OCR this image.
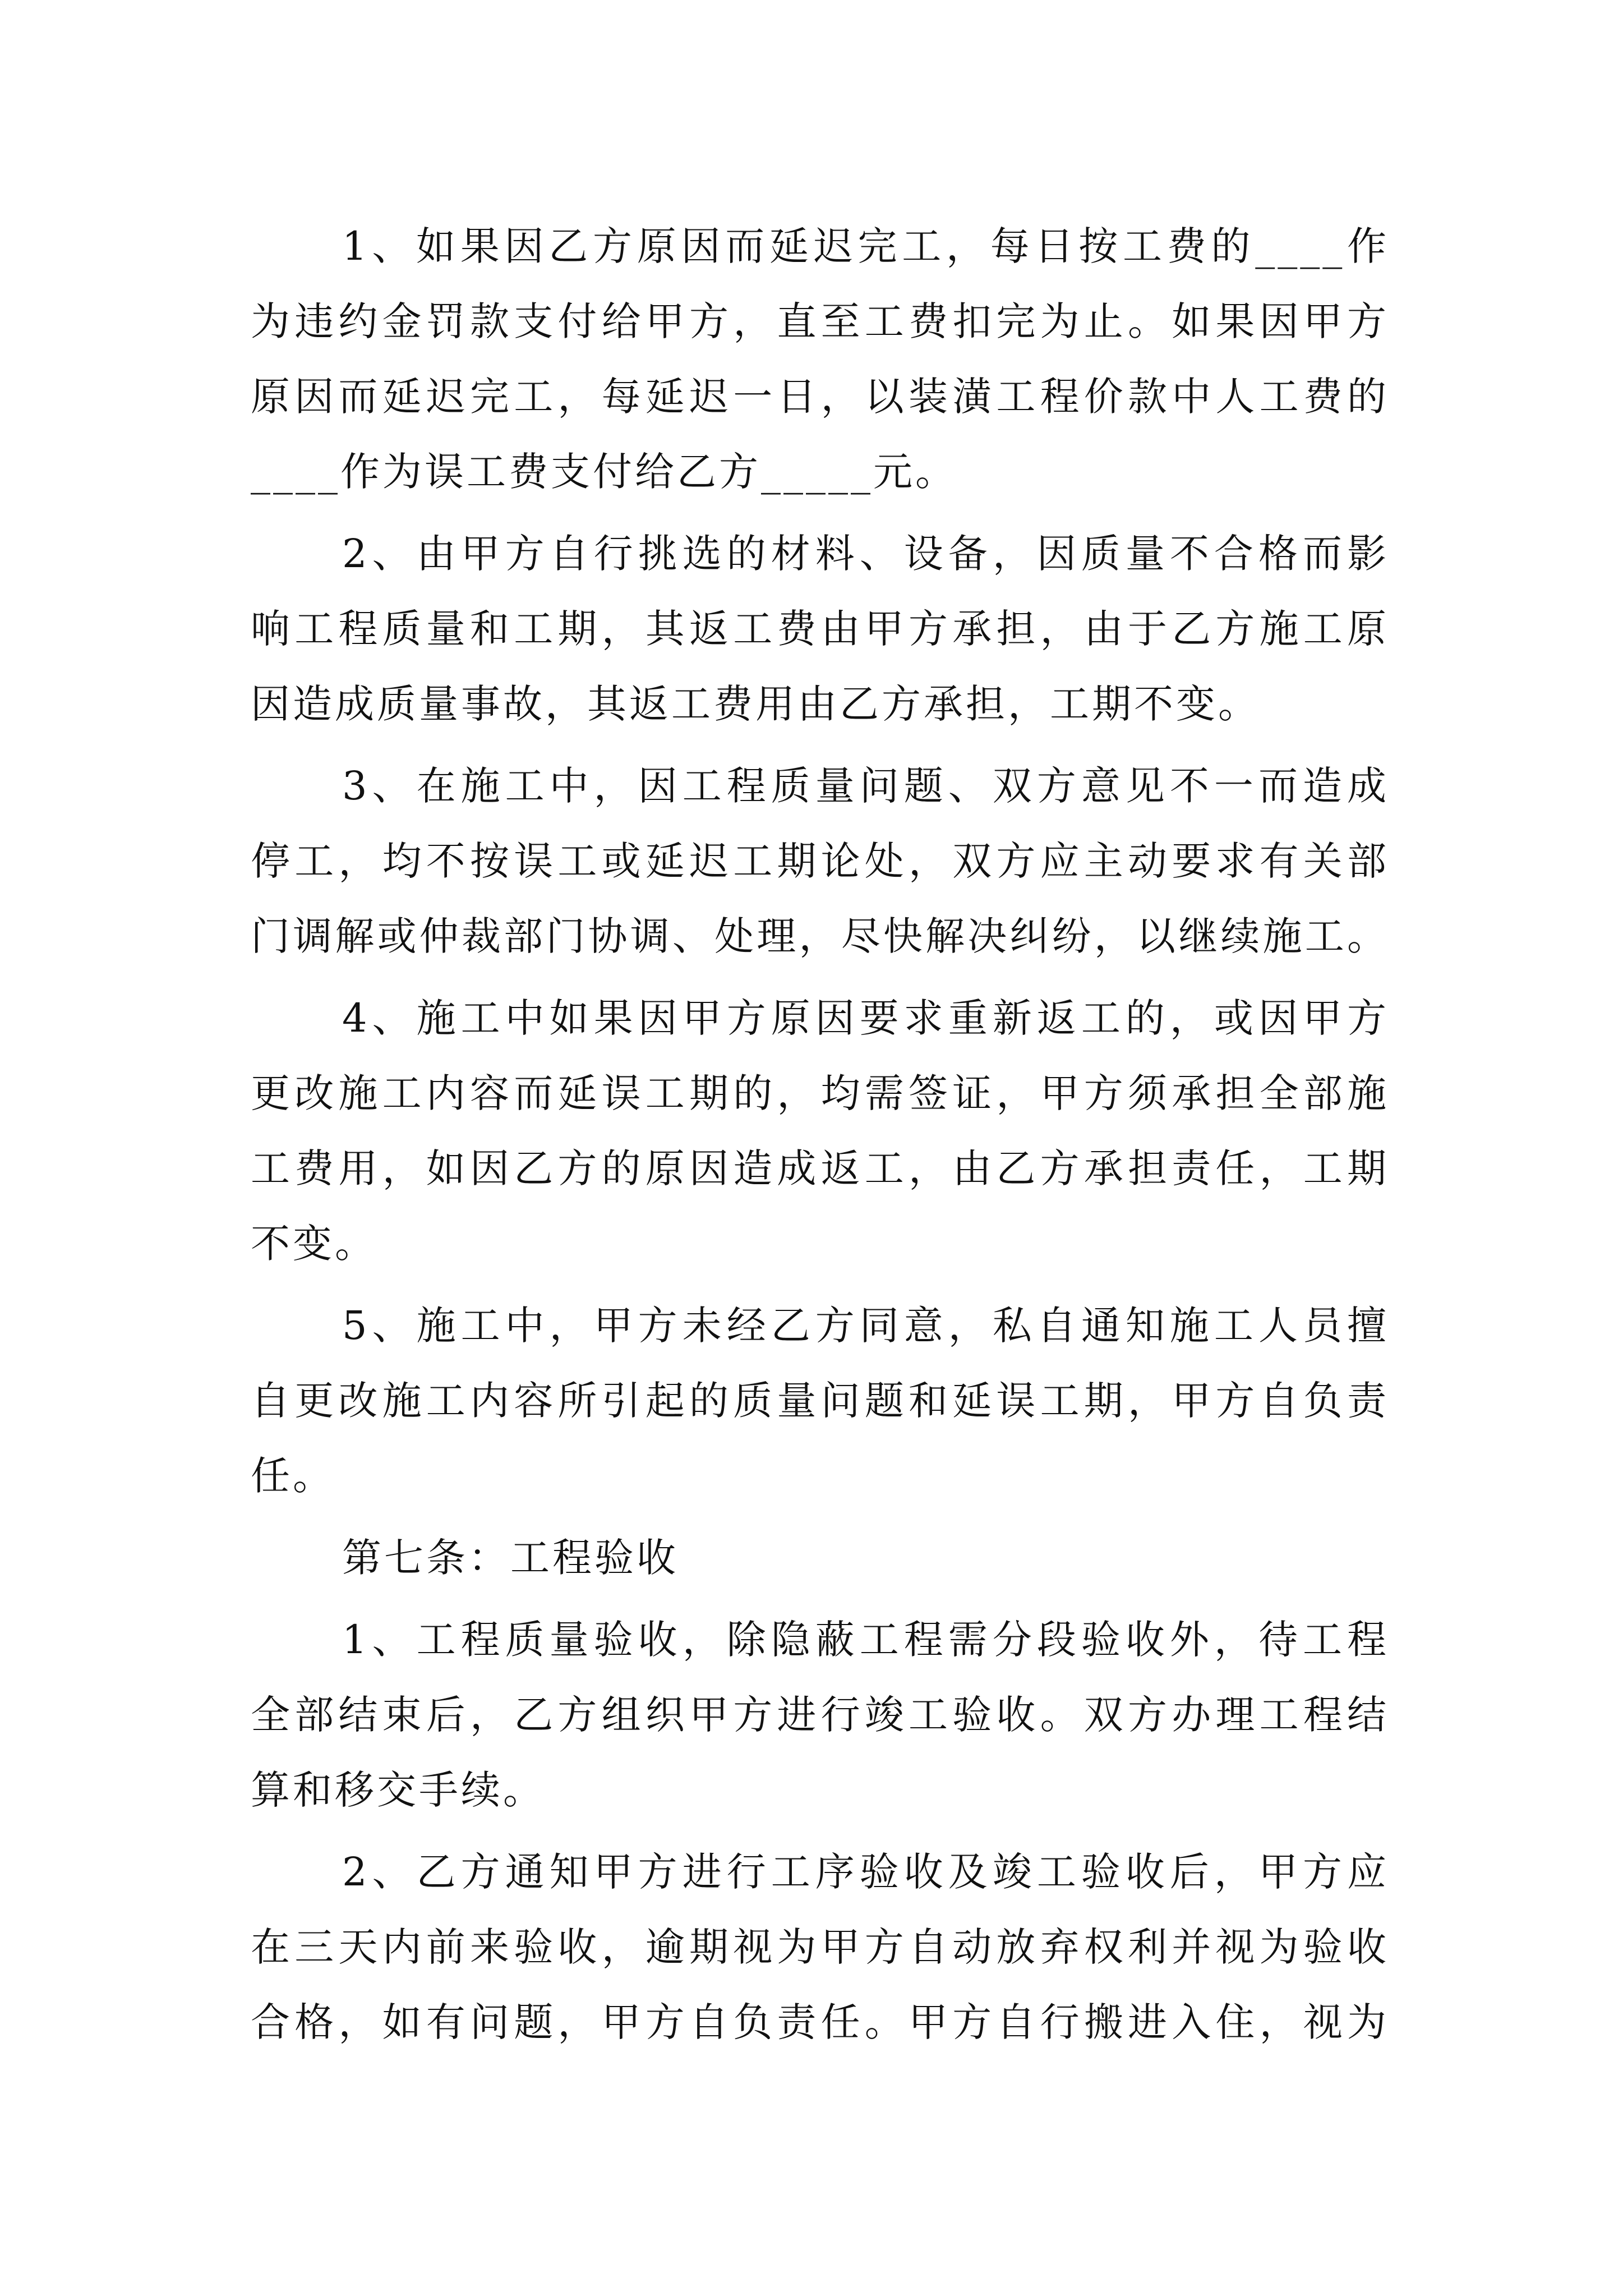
1、如果因乙方原因而延迟完工，每日按工费的____作
为违约金罚款支付给甲方，直至工费扣完为止。如果因甲方
原因而延迟完工，每延迟一日，以装潢工程价款中人工费的
____作为误工费支付给乙方_____元。
2、由甲方自行挑选的材料、设备，因质量不合格而影
响工程质量和工期，其返工费由甲方承担，由于乙方施工原
因造成质量事故，其返工费用由乙方承担，工期不变。
3、在施工中，因工程质量问题、双方意见不一而造成
停工，均不按误工或延迟工期论处，双方应主动要求有关部
门调解或仲裁部门协调、处理，尽快解决纠纷，以继续施工。
4、施工中如果因甲方原因要求重新返工的，或因甲方
更改施工内容而延误工期的，均需签证，甲方须承担全部施
工费用，如因乙方的原因造成返工，由乙方承担责任，工期
不变。
5、施工中，甲方未经乙方同意，私自通知施工人员擅
自更改施工内容所引起的质量问题和延误工期，甲方自负责
任。
第七条：工程验收
1、工程质量验收，除隐蔽工程需分段验收外，待工程
全部结束后，乙方组织甲方进行竣工验收。双方办理工程结
算和移交手续。
2、乙方通知甲方进行工序验收及竣工验收后，甲方应
在三天内前来验收，逾期视为甲方自动放弃权利并视为验收
合格，如有问题，甲方自负责任。甲方自行搬进入住，视为
